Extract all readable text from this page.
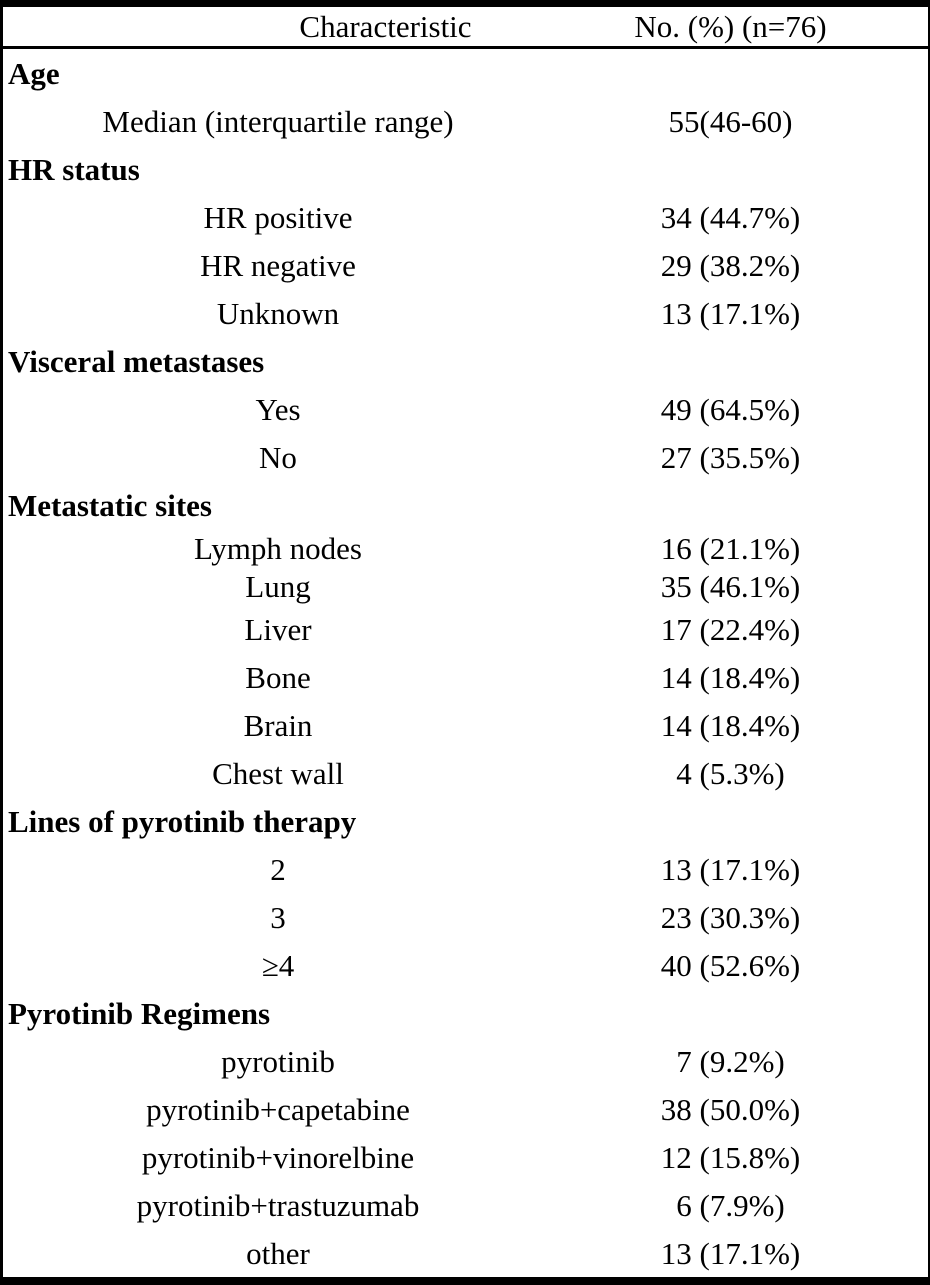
Characteristic	No. (%) (n=76)
Age
Median (interquartile range)	55(46-60)
HR status
HR positive	34 (44.7%)
HR negative	29 (38.2%)
Unknown	13 (17.1%)
Visceral metastases
Yes	49 (64.5%)
No	27 (35.5%)
Metastatic sites
Lymph nodes	16 (21.1%)
Lung	35 (46.1%)
Liver	17 (22.4%)
Bone	14 (18.4%)
Brain	14 (18.4%)
Chest wall	4 (5.3%)
Lines of pyrotinib therapy
2	13 (17.1%)
3	23 (30.3%)
≥4	40 (52.6%)
Pyrotinib Regimens
pyrotinib	7 (9.2%)
pyrotinib+capetabine	38 (50.0%)
pyrotinib+vinorelbine	12 (15.8%)
pyrotinib+trastuzumab	6 (7.9%)
other	13 (17.1%)
